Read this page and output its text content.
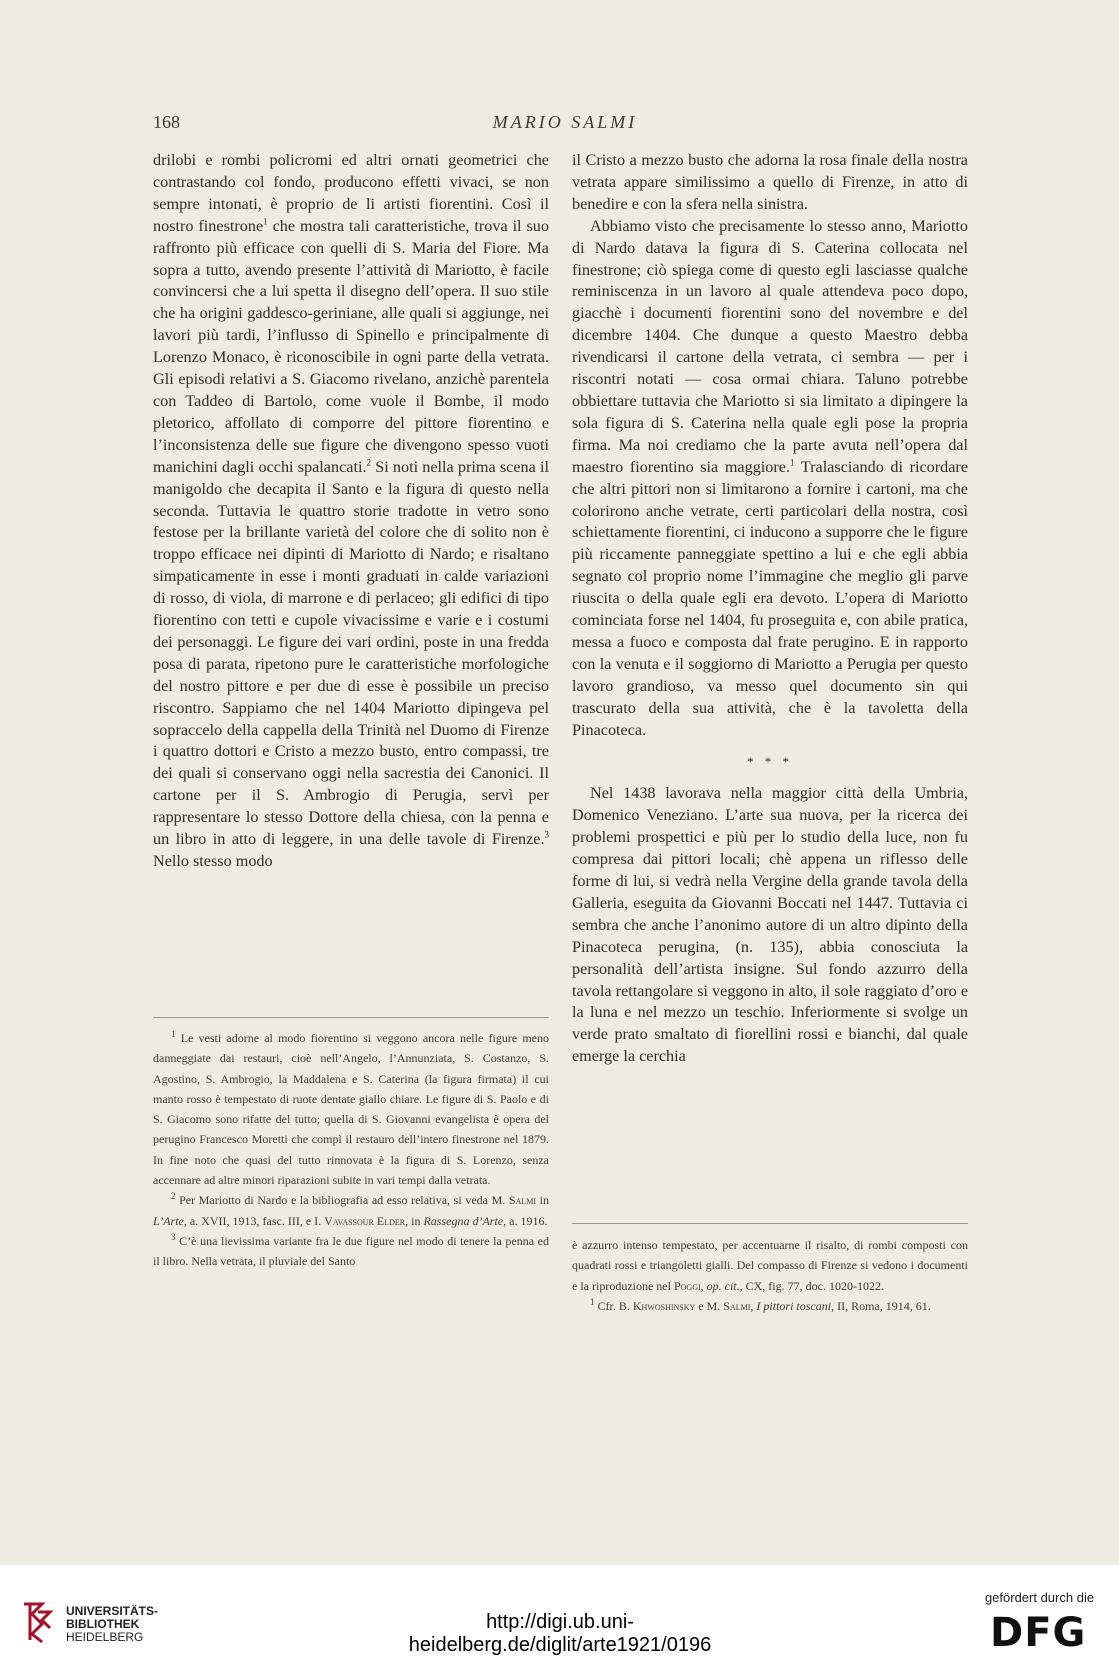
168	MARIO SALMI

drilobi e rombi policromi ed altri ornati geometrici che contrastando col fondo, producono effetti vivaci, se non sempre intonati, è proprio de li artisti fiorentini. Così il nostro finestrone$^1$ che mostra tali caratteristiche, trova il suo raffronto più efficace con quelli di S. Maria del Fiore. Ma sopra a tutto, avendo presente l’attività di Mariotto, è facile convincersi che a lui spetta il disegno dell’opera. Il suo stile che ha origini gaddesco-geriniane, alle quali si aggiunge, nei lavori più tardi, l’influsso di Spinello e principalmente di Lorenzo Monaco, è riconoscibile in ogni parte della vetrata. Gli episodi relativi a S. Giacomo rivelano, anzichè parentela con Taddeo di Bartolo, come vuole il Bombe, il modo pletorico, affollato di comporre del pittore fiorentino e l’inconsistenza delle sue figure che divengono spesso vuoti manichini dagli occhi spalancati.$^2$ Si noti nella prima scena il manigoldo che decapita il Santo e la figura di questo nella seconda. Tuttavia le quattro storie tradotte in vetro sono festose per la brillante varietà del colore che di solito non è troppo efficace nei dipinti di Mariotto di Nardo; e risaltano simpaticamente in esse i monti graduati in calde variazioni di rosso, di viola, di marrone e di perlaceo; gli edifici di tipo fiorentino con tetti e cupole vivacissime e varie e i costumi dei personaggi. Le figure dei vari ordini, poste in una fredda posa di parata, ripetono pure le caratteristiche morfologiche del nostro pittore e per due di esse è possibile un preciso riscontro. Sappiamo che nel 1404 Mariotto dipingeva pel sopraccelo della cappella della Trinità nel Duomo di Firenze i quattro dottori e Cristo a mezzo busto, entro compassi, tre dei quali si conservano oggi nella sacrestia dei Canonici. Il cartone per il S. Ambrogio di Perugia, servì per rappresentare lo stesso Dottore della chiesa, con la penna e un libro in atto di leggere, in una delle tavole di Firenze.$^3$ Nello stesso modo

$^1$ Le vesti adorne al modo fiorentino si veggono ancora nelle figure meno danneggiate dai restauri, cioè nell’Angelo, l’Annunziata, S. Costanzo, S. Agostino, S. Ambrogio, la Maddalena e S. Caterina (la figura firmata) il cui manto rosso è tempestato di ruote dentate giallo chiare. Le figure di S. Paolo e di S. Giacomo sono rifatte del tutto; quella di S. Giovanni evangelista è opera del perugino Francesco Moretti che compì il restauro dell’intero finestrone nel 1879. In fine noto che quasi del tutto rinnovata è la figura di S. Lorenzo, senza accennare ad altre minori riparazioni subite in vari tempi dalla vetrata.

$^2$ Per Mariotto di Nardo e la bibliografia ad esso relativa, si veda M. Salmi in L’Arte, a. XVII, 1913, fasc. III, e I. Vavassour Elder, in Rassegna d’Arte, a. 1916.

$^3$ C’è una lievissima variante fra le due figure nel modo di tenere la penna ed il libro. Nella vetrata, il pluviale del Santo

il Cristo a mezzo busto che adorna la rosa finale della nostra vetrata appare similissimo a quello di Firenze, in atto di benedire e con la sfera nella sinistra.

Abbiamo visto che precisamente lo stesso anno, Mariotto di Nardo datava la figura di S. Caterina collocata nel finestrone; ciò spiega come di questo egli lasciasse qualche reminiscenza in un lavoro al quale attendeva poco dopo, giacchè i documenti fiorentini sono del novembre e del dicembre 1404. Che dunque a questo Maestro debba rivendicarsi il cartone della vetrata, ci sembra — per i riscontri notati — cosa ormai chiara. Taluno potrebbe obbiettare tuttavia che Mariotto si sia limitato a dipingere la sola figura di S. Caterina nella quale egli pose la propria firma. Ma noi crediamo che la parte avuta nell’opera dal maestro fiorentino sia maggiore.$^1$ Tralasciando di ricordare che altri pittori non si limitarono a fornire i cartoni, ma che colorirono anche vetrate, certi particolari della nostra, così schiettamente fiorentini, ci inducono a supporre che le figure più riccamente panneggiate spettino a lui e che egli abbia segnato col proprio nome l’immagine che meglio gli parve riuscita o della quale egli era devoto. L’opera di Mariotto cominciata forse nel 1404, fu proseguita e, con abile pratica, messa a fuoco e composta dal frate perugino. E in rapporto con la venuta e il soggiorno di Mariotto a Perugia per questo lavoro grandioso, va messo quel documento sin qui trascurato della sua attività, che è la tavoletta della Pinacoteca.

* * *

Nel 1438 lavorava nella maggior città della Umbria, Domenico Veneziano. L’arte sua nuova, per la ricerca dei problemi prospettici e più per lo studio della luce, non fu compresa dai pittori locali; chè appena un riflesso delle forme di lui, si vedrà nella Vergine della grande tavola della Galleria, eseguita da Giovanni Boccati nel 1447. Tuttavia ci sembra che anche l’anonimo autore di un altro dipinto della Pinacoteca perugina, (n. 135), abbia conosciuta la personalità dell’artista insigne. Sul fondo azzurro della tavola rettangolare si veggono in alto, il sole raggiato d’oro e la luna e nel mezzo un teschio. Inferiormente si svolge un verde prato smaltato di fiorellini rossi e bianchi, dal quale emerge la cerchia

è azzurro intenso tempestato, per accentuarne il risalto, di rombi composti con quadrati rossi e triangoletti gialli. Del compasso di Firenze si vedono i documenti e la riproduzione nel Poggi, op. cit., CX, fig. 77, doc. 1020-1022.

$^1$ Cfr. B. Khwoshinsky e M. Salmi, I pittori toscani, II, Roma, 1914, 61.

UNIVERSITÄTS-
BIBLIOTHEK
HEIDELBERG
http://digi.ub.uni-heidelberg.de/diglit/arte1921/0196
gefördert durch die
DFG
